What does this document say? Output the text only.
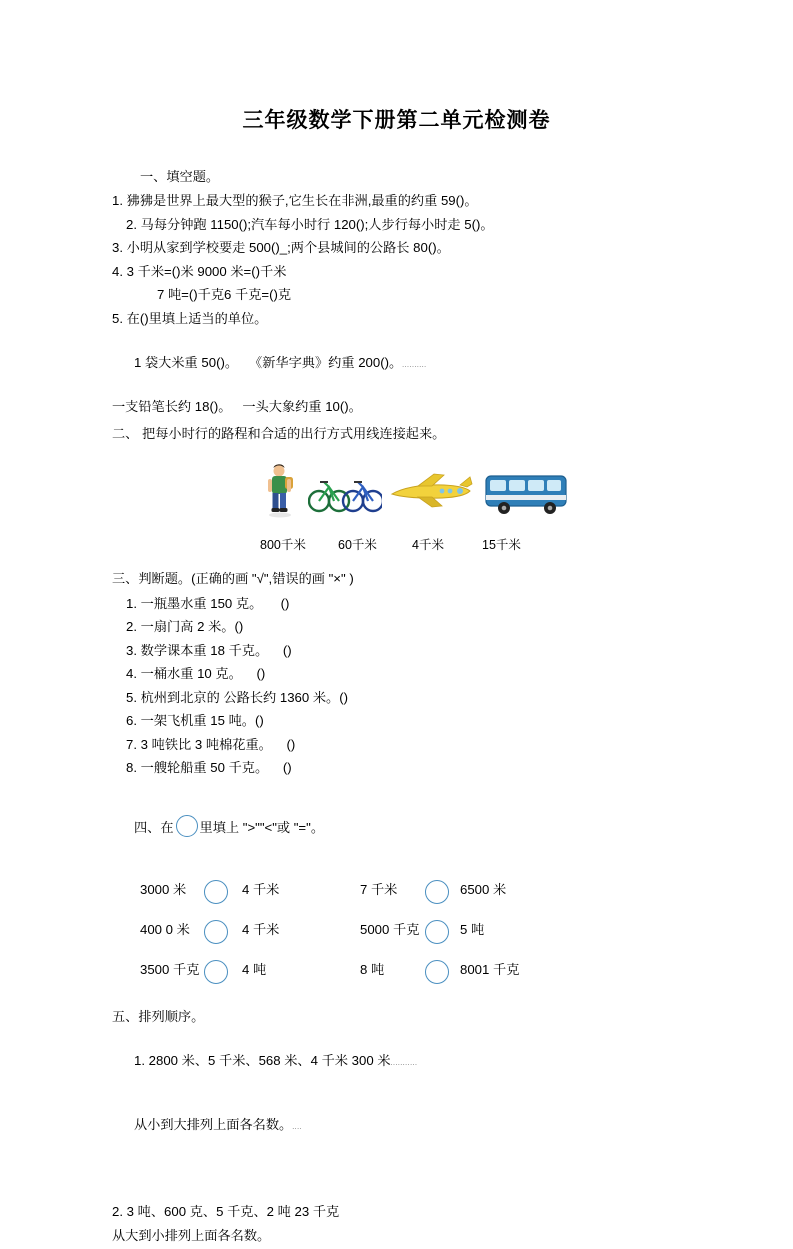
三年级数学下册第二单元检测卷
一、填空题。
1. 狒狒是世界上最大型的猴子,它生长在非洲,最重的约重 59()。
2. 马每分钟跑 1150();汽车每小时行 120();人步行每小时走 5()。
3. 小明从家到学校要走 500()_;两个县城间的公路长 80()。
4. 3 千米=()米 9000 米=()千米
7 吨=()千克6 千克=()克
5. 在()里填上适当的单位。

1 袋大米重 50()。   《新华字典》约重 200()。..........

一支铅笔长约 18()。   一头大象约重 10()。
二、 把每小时行的路程和合适的出行方式用线连接起来。
800千米	60千米	4千米	15千米
三、判断题。(正确的画 "√",错误的画 "×" )
1. 一瓶墨水重 150 克。     ()
2. 一扇门高 2 米。()
3. 数学课本重 18 千克。    ()
4. 一桶水重 10 克。    ()
5. 杭州到北京的 公路长约 1360 米。()
6. 一架飞机重 15 吨。()
7. 3 吨铁比 3 吨棉花重。    ()
8. 一艘轮船重 50 千克。    ()

四、在 里填上 ">""<"或 "="。

3000 米	4 千米	7 千米	6500 米
400 0 米	4 千米	5000 千克	5 吨
3500 千克	4 吨	8 吨	8001 千克
五、排列顺序。

1. 2800 米、5 千米、568 米、4 千米 300 米...........

从小到大排列上面各名数。....

2. 3 吨、600 克、5 千克、2 吨 23 千克
从大到小排列上面各名数。
